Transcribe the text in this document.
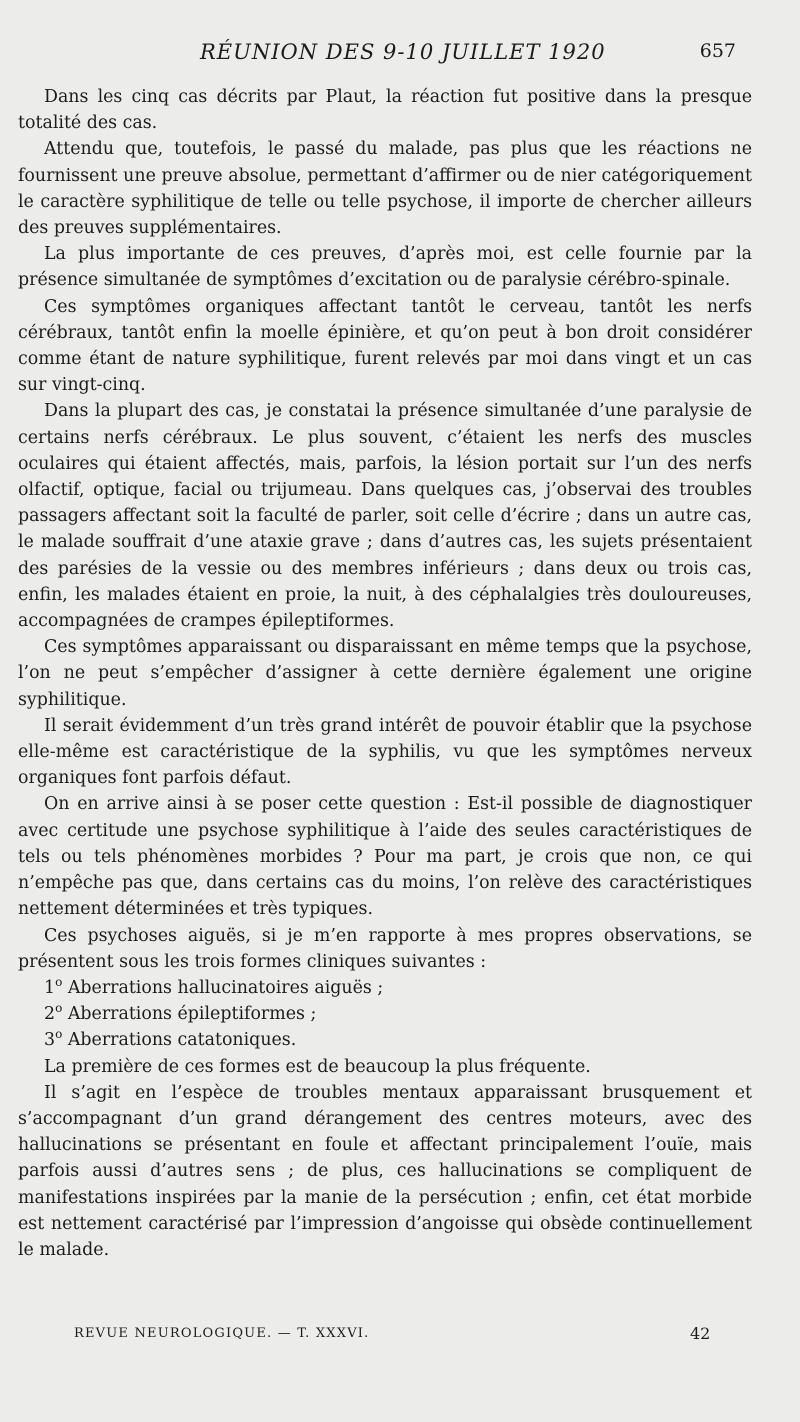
RÉUNION DES 9-10 JUILLET 1920	657

Dans les cinq cas décrits par Plaut, la réaction fut positive dans la presque totalité des cas.

Attendu que, toutefois, le passé du malade, pas plus que les réactions ne fournissent une preuve absolue, permettant d’affirmer ou de nier catégoriquement le caractère syphilitique de telle ou telle psychose, il importe de chercher ailleurs des preuves supplémentaires.

La plus importante de ces preuves, d’après moi, est celle fournie par la présence simultanée de symptômes d’excitation ou de paralysie cérébro-spinale.

Ces symptômes organiques affectant tantôt le cerveau, tantôt les nerfs cérébraux, tantôt enfin la moelle épinière, et qu’on peut à bon droit considérer comme étant de nature syphilitique, furent relevés par moi dans vingt et un cas sur vingt-cinq.

Dans la plupart des cas, je constatai la présence simultanée d’une paralysie de certains nerfs cérébraux. Le plus souvent, c’étaient les nerfs des muscles oculaires qui étaient affectés, mais, parfois, la lésion portait sur l’un des nerfs olfactif, optique, facial ou trijumeau. Dans quelques cas, j’observai des troubles passagers affectant soit la faculté de parler, soit celle d’écrire ; dans un autre cas, le malade souffrait d’une ataxie grave ; dans d’autres cas, les sujets présentaient des parésies de la vessie ou des membres inférieurs ; dans deux ou trois cas, enfin, les malades étaient en proie, la nuit, à des céphalalgies très douloureuses, accompagnées de crampes épileptiformes.

Ces symptômes apparaissant ou disparaissant en même temps que la psychose, l’on ne peut s’empêcher d’assigner à cette dernière également une origine syphilitique.

Il serait évidemment d’un très grand intérêt de pouvoir établir que la psychose elle-même est caractéristique de la syphilis, vu que les symptômes nerveux organiques font parfois défaut.

On en arrive ainsi à se poser cette question : Est-il possible de diagnostiquer avec certitude une psychose syphilitique à l’aide des seules caractéristiques de tels ou tels phénomènes morbides ? Pour ma part, je crois que non, ce qui n’empêche pas que, dans certains cas du moins, l’on relève des caractéristiques nettement déterminées et très typiques.

Ces psychoses aiguës, si je m’en rapporte à mes propres observations, se présentent sous les trois formes cliniques suivantes :

1$^o$ Aberrations hallucinatoires aiguës ;

2$^o$ Aberrations épileptiformes ;

3$^o$ Aberrations catatoniques.

La première de ces formes est de beaucoup la plus fréquente.

Il s’agit en l’espèce de troubles mentaux apparaissant brusquement et s’accompagnant d’un grand dérangement des centres moteurs, avec des hallucinations se présentant en foule et affectant principalement l’ouïe, mais parfois aussi d’autres sens ; de plus, ces hallucinations se compliquent de manifestations inspirées par la manie de la persécution ; enfin, cet état morbide est nettement caractérisé par l’impression d’angoisse qui obsède continuellement le malade.

REVUE NEUROLOGIQUE. — T. XXXVI.	42
